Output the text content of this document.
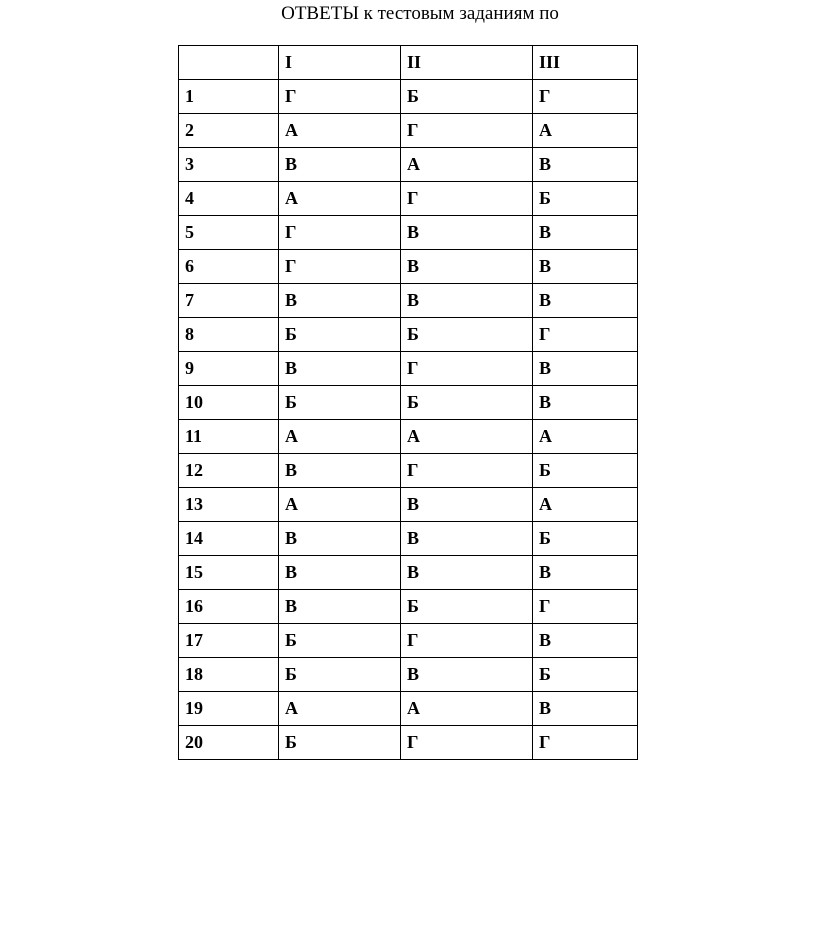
ОТВЕТЫ к тестовым заданиям по
	I	II	III
1	Г	Б	Г
2	А	Г	А
3	В	А	В
4	А	Г	Б
5	Г	В	В
6	Г	В	В
7	В	В	В
8	Б	Б	Г
9	В	Г	В
10	Б	Б	В
11	А	А	А
12	В	Г	Б
13	А	В	А
14	В	В	Б
15	В	В	В
16	В	Б	Г
17	Б	Г	В
18	Б	В	Б
19	А	А	В
20	Б	Г	Г
